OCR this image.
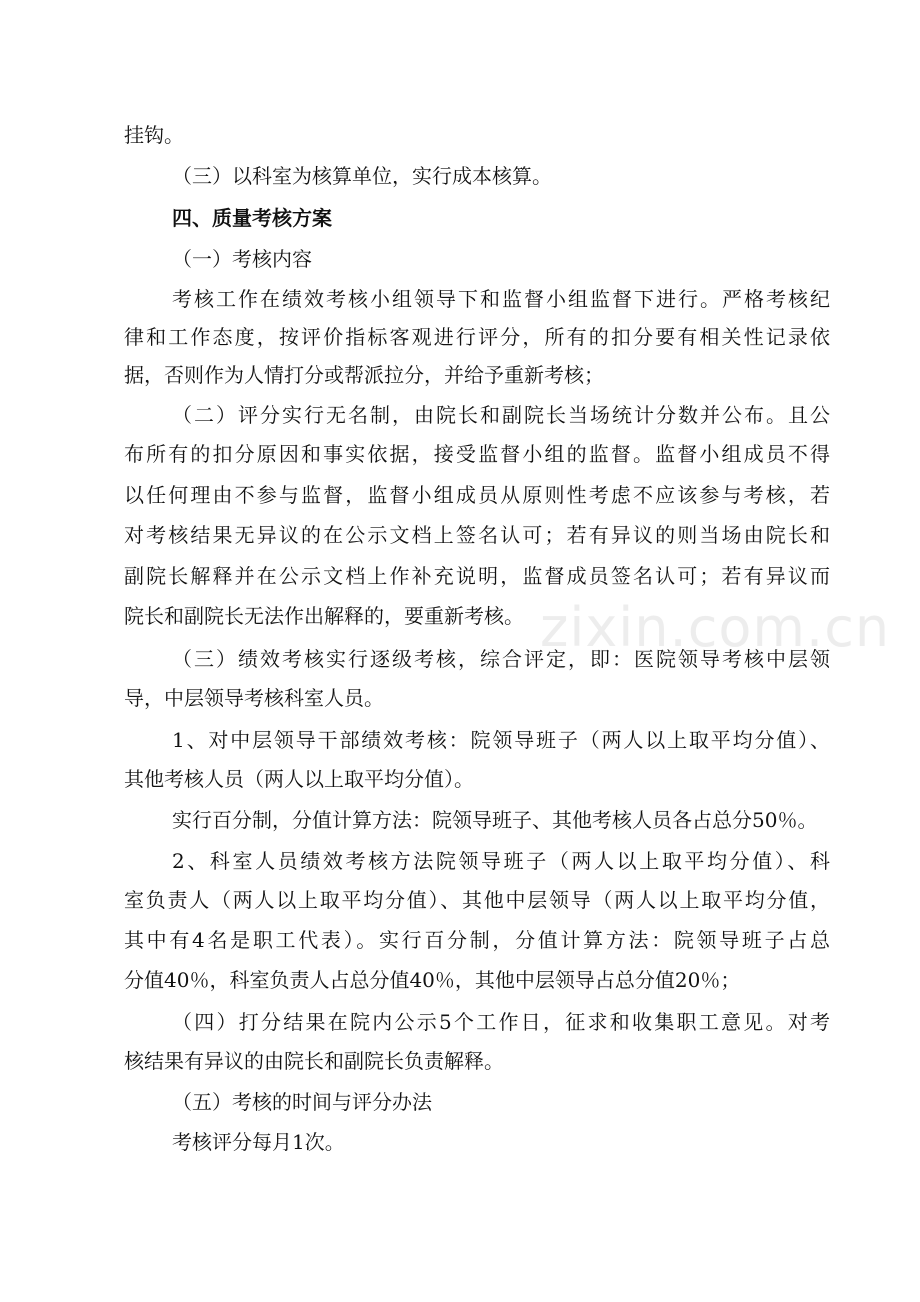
挂钩。
（三）以科室为核算单位，实行成本核算。
四、质量考核方案
（一）考核内容
考核工作在绩效考核小组领导下和监督小组监督下进行。严格考核纪
律和工作态度，按评价指标客观进行评分，所有的扣分要有相关性记录依
据，否则作为人情打分或帮派拉分，并给予重新考核；
（二）评分实行无名制，由院长和副院长当场统计分数并公布。且公
布所有的扣分原因和事实依据，接受监督小组的监督。监督小组成员不得
以任何理由不参与监督，监督小组成员从原则性考虑不应该参与考核，若
对考核结果无异议的在公示文档上签名认可；若有异议的则当场由院长和
副院长解释并在公示文档上作补充说明，监督成员签名认可；若有异议而
院长和副院长无法作出解释的，要重新考核。
（三）绩效考核实行逐级考核，综合评定，即：医院领导考核中层领
导，中层领导考核科室人员。
1、对中层领导干部绩效考核：院领导班子（两人以上取平均分值）、
其他考核人员（两人以上取平均分值）。
实行百分制，分值计算方法：院领导班子、其他考核人员各占总分50％。
2、科室人员绩效考核方法院领导班子（两人以上取平均分值）、科
室负责人（两人以上取平均分值）、其他中层领导（两人以上取平均分值，
其中有4名是职工代表）。实行百分制，分值计算方法：院领导班子占总
分值40％，科室负责人占总分值40％，其他中层领导占总分值20％；
（四）打分结果在院内公示5个工作日，征求和收集职工意见。对考
核结果有异议的由院长和副院长负责解释。
（五）考核的时间与评分办法
考核评分每月1次。
zixin.com.cn
